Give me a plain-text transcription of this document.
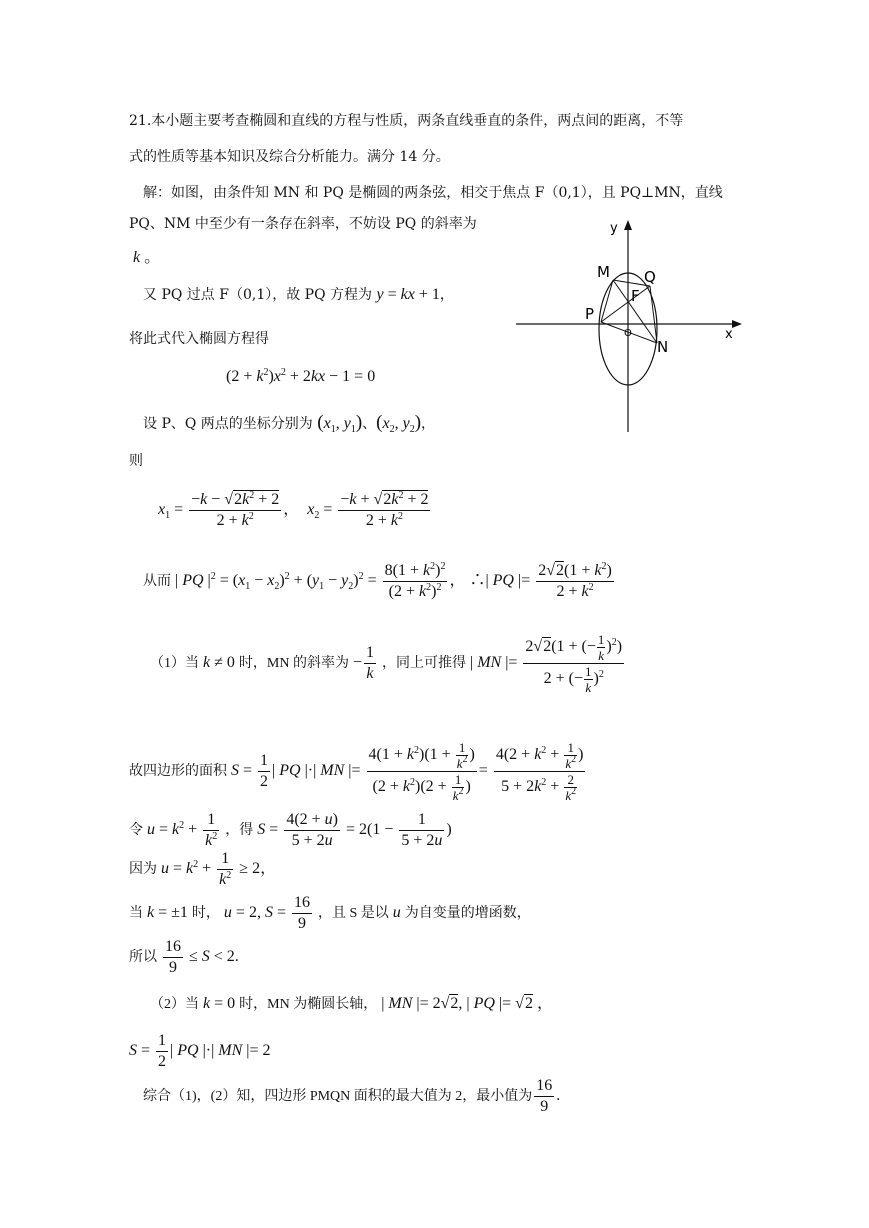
x
y
O
M Q
F
P
N
21.本小题主要考查椭圆和直线的方程与性质，两条直线垂直的条件，两点间的距离，不等
式的性质等基本知识及综合分析能力。满分 14 分。
解：如图，由条件知 MN 和 PQ 是椭圆的两条弦，相交于焦点 F（0,1），且 PQ⊥MN，直线
PQ、NM 中至少有一条存在斜率，不妨设 PQ 的斜率为
k 。
又 PQ 过点 F（0,1），故 PQ 方程为 y = kx + 1，
将此式代入椭圆方程得
$(2 + k^2)x^2 + 2kx - 1 = 0$
设 P、Q 两点的坐标分别为 ($x_1$, $y_1$)、($x_2$, $y_2$)，
则
$x_1 = \frac{-k - √2k^2 + 2}{2 + k^2}$ ，  $x_2 = \frac{-k + √2k^2 + 2}{2 + k^2}$
从而 | PQ $|^2 = (x_1 - x_2)^2 + (y_1 - y_2)^2 = \frac{8(1 + k^2)^2}{(2 + k^2)^2}$ ， ∴| PQ |= $\frac{2√2(1 + k^2)}{2 + k^2}$
（1）当 k ≠ 0 时，MN 的斜率为 − $\frac{1}{k}$ ，同上可推得 | MN |= $\frac{2√2(1 + (- \frac{1}{k} )^2)}{2 + (- \frac{1}{k} )^2}$
故四边形的面积 $S = \frac{1}{2}$ | PQ |·| MN |= $\frac{4(1 + k^2)(1 + \frac{1}{k^2} )}{(2 + k^2)(2 + \frac{1}{k^2} )} = \frac{4(2 + k^2 + \frac{1}{k^2} )}{5 + 2k^2 + \frac{2}{k^2}}$
令 $u = k^2 + \frac{1}{k^2}$ ，得 $S = \frac{4(2 + u)}{5 + 2u} = 2(1 - \frac{1}{5 + 2u}$ )
因为 $u = k^2 + \frac{1}{k^2} \ge 2$，
当 k = ±1 时， u = 2, $S = \frac{16}{9}$ ，且 S 是以 u 为自变量的增函数，
所以 $\frac{16}{9} \le S < 2$.
（2）当 k = 0 时，MN 为椭圆长轴， | MN |= 2√2, | PQ |= √2 ，
$S = \frac{1}{2}$ | PQ |·| MN |= 2
综合（1)，(2）知，四边形 PMQN 面积的最大值为 2，最小值为 $\frac{16}{9}$ .
